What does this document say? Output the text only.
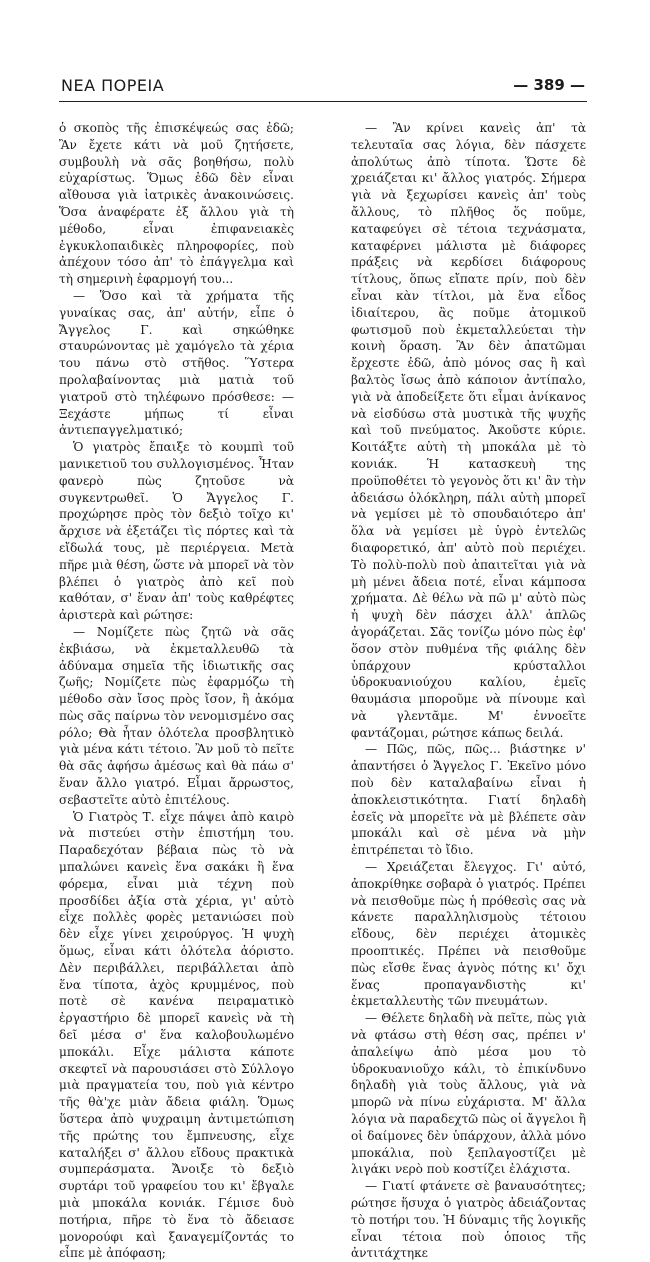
ΝΕΑ ΠΟΡΕΙΑ	— 389 —

ὁ σκοπὸς τῆς ἐπισκέψεώς σας ἐδῶ; Ἂν ἔχετε κάτι νὰ μοῦ ζητήσετε, συμβουλὴ νὰ σᾶς βοηθήσω, πολὺ εὐχαρίστως. Ὅμως ἐδῶ δὲν εἶναι αἴθουσα γιὰ ἰατρικὲς ἀνακοινώσεις. Ὅσα ἀναφέρατε ἐξ ἄλλου γιὰ τὴ μέθοδο, εἶναι ἐπιφανειακὲς ἐγκυκλοπαιδικὲς πληροφορίες, ποὺ ἀπέχουν τόσο ἀπ' τὸ ἐπάγγελμα καὶ τὴ σημερινὴ ἐφαρμογή του...

— Ὅσο καὶ τὰ χρήματα τῆς γυναίκας σας, ἀπ' αὐτήν, εἶπε ὁ Ἄγγελος Γ. καὶ σηκώθηκε σταυρώνοντας μὲ χαμόγελο τὰ χέρια του πάνω στὸ στῆθος. Ὕστερα προλαβαίνοντας μιὰ ματιὰ τοῦ γιατροῦ στὸ τηλέφωνο πρόσθεσε: — Ξεχάστε μήπως τί εἶναι ἀντιεπαγγελματικό;

Ὁ γιατρὸς ἔπαιξε τὸ κουμπὶ τοῦ μανικετιοῦ του συλλογισμένος. Ἦταν φανερὸ πὼς ζητοῦσε νὰ συγκεντρωθεῖ. Ὁ Ἄγγελος Γ. προχώρησε πρὸς τὸν δεξιὸ τοῖχο κι' ἄρχισε νὰ ἐξετάζει τὶς πόρτες καὶ τὰ εἴδωλά τους, μὲ περιέργεια. Μετὰ πῆρε μιὰ θέση, ὥστε νὰ μπορεῖ νὰ τὸν βλέπει ὁ γιατρὸς ἀπὸ κεῖ ποὺ καθόταν, σ' ἕναν ἀπ' τοὺς καθρέφτες ἀριστερὰ καὶ ρώτησε:

— Νομίζετε πὼς ζητῶ νὰ σᾶς ἐκβιάσω, νὰ ἐκμεταλλευθῶ τὰ ἀδύναμα σημεῖα τῆς ἰδιωτικῆς σας ζωῆς; Νομίζετε πὼς ἐφαρμόζω τὴ μέθοδο σὰν ἴσος πρὸς ἴσον, ἢ ἀκόμα πὼς σᾶς παίρνω τὸν νενομισμένο σας ρόλο; Θὰ ἦταν ὁλότελα προσβλητικὸ γιὰ μένα κάτι τέτοιο. Ἂν μοῦ τὸ πεῖτε θὰ σᾶς ἀφήσω ἀμέσως καὶ θὰ πάω σ' ἕναν ἄλλο γιατρό. Εἶμαι ἄρρωστος, σεβαστεῖτε αὐτὸ ἐπιτέλους.

Ὁ Γιατρὸς Τ. εἶχε πάψει ἀπὸ καιρὸ νὰ πιστεύει στὴν ἐπιστήμη του. Παραδεχόταν βέβαια πὼς τὸ νὰ μπαλώνει κανεὶς ἕνα σακάκι ἢ ἕνα φόρεμα, εἶναι μιὰ τέχνη ποὺ προσδίδει ἀξία στὰ χέρια, γι' αὐτὸ εἶχε πολλὲς φορὲς μετανιώσει ποὺ δὲν εἶχε γίνει χειρούργος. Ἡ ψυχὴ ὅμως, εἶναι κάτι ὁλότελα ἀόριστο. Δὲν περιβάλλει, περιβάλλεται ἀπὸ ἕνα τίποτα, ἀχὸς κρυμμένος, ποὺ ποτὲ σὲ κανένα πειραματικὸ ἐργαστήριο δὲ μπορεῖ κανεὶς νὰ τὴ δεῖ μέσα σ' ἕνα καλοβουλωμένο μποκάλι. Εἶχε μάλιστα κάποτε σκεφτεῖ νὰ παρουσιάσει στὸ Σύλλογο μιὰ πραγματεία του, ποὺ γιὰ κέντρο τῆς θὰ'χε μιὰν ἄδεια φιάλη. Ὅμως ὕστερα ἀπὸ ψυχραιμη ἀντιμετώπιση τῆς πρώτης του ἔμπνευσης, εἶχε καταλήξει σ' ἄλλου εἴδους πρακτικὰ συμπεράσματα. Ἄνοιξε τὸ δεξιὸ συρτάρι τοῦ γραφείου του κι' ἔβγαλε μιὰ μποκάλα κονιάκ. Γέμισε δυὸ ποτήρια, πῆρε τὸ ἕνα τὸ ἄδειασε μονορούφι καὶ ξαναγεμίζοντάς το εἶπε μὲ ἀπόφαση;

— Ἂν κρίνει κανεὶς ἀπ' τὰ τελευταῖα σας λόγια, δὲν πάσχετε ἀπολύτως ἀπὸ τίποτα. Ὥστε δὲ χρειάζεται κι' ἄλλος γιατρός. Σήμερα γιὰ νὰ ξεχωρίσει κανεὶς ἀπ' τοὺς ἄλλους, τὸ πλῆθος ὅς ποῦμε, καταφεύγει σὲ τέτοια τεχνάσματα, καταφέρνει μάλιστα μὲ διάφορες πράξεις νὰ κερδίσει διάφορους τίτλους, ὅπως εἴπατε πρίν, ποὺ δὲν εἶναι κὰν τίτλοι, μὰ ἕνα εἶδος ἰδιαίτερου, ἂς ποῦμε ἀτομικοῦ φωτισμοῦ ποὺ ἐκμεταλλεύεται τὴν κοινὴ ὅραση. Ἂν δὲν ἀπατῶμαι ἔρχεστε ἐδῶ, ἀπὸ μόνος σας ἢ καὶ βαλτὸς ἴσως ἀπὸ κάποιον ἀντίπαλο, γιὰ νὰ ἀποδείξετε ὅτι εἶμαι ἀνίκανος νὰ εἰσδύσω στὰ μυστικὰ τῆς ψυχῆς καὶ τοῦ πνεύματος. Ἀκοῦστε κύριε. Κοιτάξτε αὐτὴ τὴ μποκάλα μὲ τὸ κονιάκ. Ἡ κατασκευὴ της προϋποθέτει τὸ γεγονὸς ὅτι κι' ἂν τὴν ἀδειάσω ὁλόκληρη, πάλι αὐτὴ μπορεῖ νὰ γεμίσει μὲ τὸ σπουδαιότερο ἀπ' ὅλα νὰ γεμίσει μὲ ὑγρὸ ἐντελῶς διαφορετικό, ἀπ' αὐτὸ ποὺ περιέχει. Τὸ πολὺ-πολὺ ποὺ ἀπαιτεῖται γιὰ νὰ μὴ μένει ἄδεια ποτέ, εἶναι κάμποσα χρήματα. Δὲ θέλω νὰ πῶ μ' αὐτὸ πὼς ἡ ψυχὴ δὲν πάσχει ἀλλ' ἁπλῶς ἀγοράζεται. Σᾶς τονίζω μόνο πὼς ἐφ' ὅσον στὸν πυθμένα τῆς φιάλης δὲν ὑπάρχουν κρύσταλλοι ὑδροκυανιούχου καλίου, ἐμεῖς θαυμάσια μποροῦμε νὰ πίνουμε καὶ νὰ γλεντᾶμε. Μ' ἐννοεῖτε φαντάζομαι, ρώτησε κάπως δειλά.

— Πῶς, πῶς, πῶς... βιάστηκε ν' ἀπαντήσει ὁ Ἄγγελος Γ. Ἐκεῖνο μόνο ποὺ δὲν καταλαβαίνω εἶναι ἡ ἀποκλειστικότητα. Γιατί δηλαδὴ ἐσεῖς νὰ μπορεῖτε νὰ μὲ βλέπετε σὰν μποκάλι καὶ σὲ μένα νὰ μὴν ἐπιτρέπεται τὸ ἴδιο.

— Χρειάζεται ἔλεγχος. Γι' αὐτό, ἀποκρίθηκε σοβαρὰ ὁ γιατρός. Πρέπει νὰ πεισθοῦμε πὼς ἡ πρόθεσὶς σας νὰ κάνετε παραλληλισμοὺς τέτοιου εἴδους, δὲν περιέχει ἀτομικὲς προοπτικές. Πρέπει νὰ πεισθοῦμε πὼς εἴσθε ἕνας ἁγνὸς πότης κι' ὄχι ἕνας προπαγανδιστὴς κι' ἐκμεταλλευτὴς τῶν πνευμάτων.

— Θέλετε δηλαδὴ νὰ πεῖτε, πὼς γιὰ νὰ φτάσω στὴ θέση σας, πρέπει ν' ἀπαλείψω ἀπὸ μέσα μου τὸ ὑδροκυανιοῦχο κάλι, τὸ ἐπικίνδυνο δηλαδὴ γιὰ τοὺς ἄλλους, γιὰ νὰ μπορῶ νὰ πίνω εὐχάριστα. Μ' ἄλλα λόγια νὰ παραδεχτῶ πὼς οἱ ἄγγελοι ἢ οἱ δαίμονες δὲν ὑπάρχουν, ἀλλὰ μόνο μποκάλια, ποὺ ξεπλαγοστίζει μὲ λιγάκι νερὸ ποὺ κοστίζει ἐλάχιστα.

— Γιατί φτάνετε σὲ βαναυσότητες; ρώτησε ἥσυχα ὁ γιατρὸς ἀδειάζοντας τὸ ποτήρι του. Ἡ δύναμις τῆς λογικῆς εἶναι τέτοια ποὺ ὁποιος τῆς ἀντιτάχτηκε
